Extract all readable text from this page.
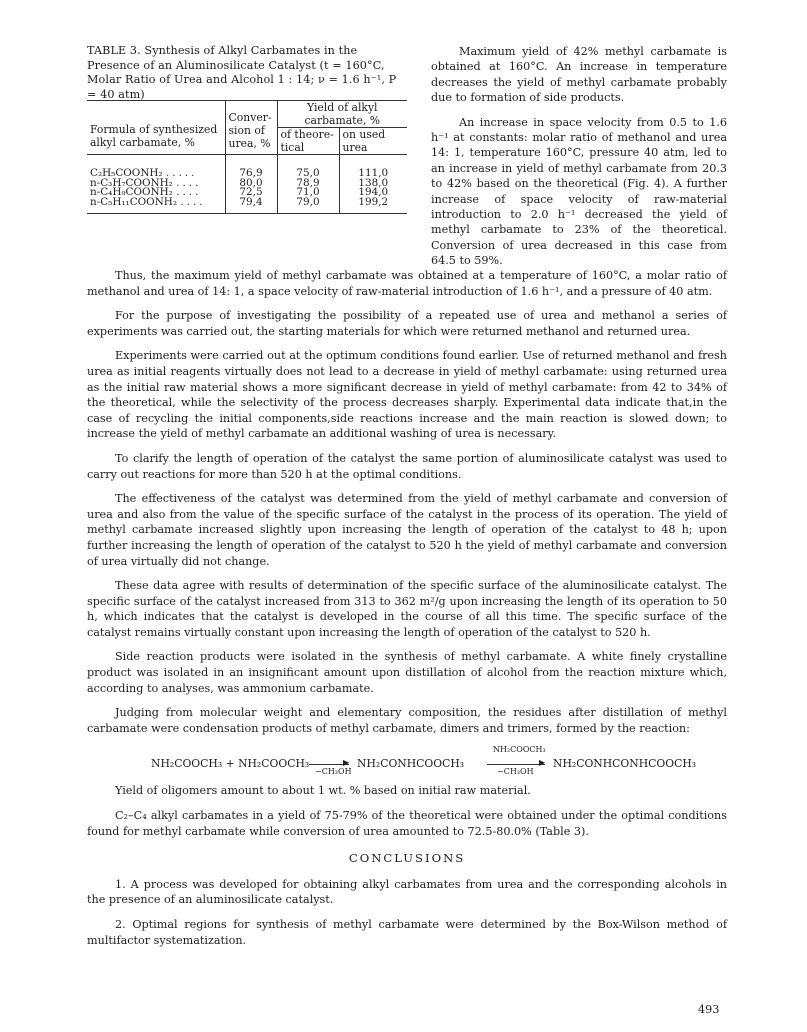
TABLE 3. Synthesis of Alkyl Carbamates in the Presence of an Aluminosilicate Catalyst (t = 160°C, Molar Ratio of Urea and Alcohol 1 : 14; ν = 1.6 h⁻¹, P = 40 atm)

Formula of synthesized alkyl carbamate, %	Conver-sion of urea, %	Yield of alkyl carbamate, %	
		of theore-tical	on used urea

C₂H₅COONH₂ .....	76,9	75,0	111,0
n-C₃H₇COONH₂ ....	80,0	78,9	138,0
n-C₄H₉COONH₂ ....	72,5	71,0	194,0
n-C₅H₁₁COONH₂ ....	79,4	79,0	199,2

Maximum yield of 42% methyl carbamate is obtained at 160°C. An increase in temperature decreases the yield of methyl carbamate probably due to formation of side products.

An increase in space velocity from 0.5 to 1.6 h⁻¹ at constants: molar ratio of methanol and urea 14: 1, temperature 160°C, pressure 40 atm, led to an increase in yield of methyl carbamate from 20.3 to 42% based on the theoretical (Fig. 4). A further increase of space velocity of raw-material introduction to 2.0 h⁻¹ decreased the yield of methyl carbamate to 23% of the theoretical. Conversion of urea decreased in this case from 64.5 to 59%.

Thus, the maximum yield of methyl carbamate was obtained at a temperature of 160°C, a molar ratio of methanol and urea of 14: 1, a space velocity of raw-material introduction of 1.6 h⁻¹, and a pressure of 40 atm.

For the purpose of investigating the possibility of a repeated use of urea and methanol a series of experiments was carried out, the starting materials for which were returned methanol and returned urea.

Experiments were carried out at the optimum conditions found earlier. Use of returned methanol and fresh urea as initial reagents virtually does not lead to a decrease in yield of methyl carbamate: using returned urea as the initial raw material shows a more significant decrease in yield of methyl carbamate: from 42 to 34% of the theoretical, while the selectivity of the process decreases sharply. Experimental data indicate that,in the case of recycling the initial components,side reactions increase and the main reaction is slowed down; to increase the yield of methyl carbamate an additional washing of urea is necessary.

To clarify the length of operation of the catalyst the same portion of aluminosilicate catalyst was used to carry out reactions for more than 520 h at the optimal conditions.

The effectiveness of the catalyst was determined from the yield of methyl carbamate and conversion of urea and also from the value of the specific surface of the catalyst in the process of its operation. The yield of methyl carbamate increased slightly upon increasing the length of operation of the catalyst to 48 h; upon further increasing the length of operation of the catalyst to 520 h the yield of methyl carbamate and conversion of urea virtually did not change.

These data agree with results of determination of the specific surface of the aluminosilicate catalyst. The specific surface of the catalyst increased from 313 to 362 m²/g upon increasing the length of its operation to 50 h, which indicates that the catalyst is developed in the course of all this time. The specific surface of the catalyst remains virtually constant upon increasing the length of operation of the catalyst to 520 h.

Side reaction products were isolated in the synthesis of methyl carbamate. A white finely crystalline product was isolated in an insignificant amount upon distillation of alcohol from the reaction mixture which, according to analyses, was ammonium carbamate.

Judging from molecular weight and elementary composition, the residues after distillation of methyl carbamate were condensation products of methyl carbamate, dimers and trimers, formed by the reaction:

NH₂COOCH₃ + NH₂COOCH₃	▶
−CH₃OH
NH₂CONHCOOCH₃
NH₂COOCH₃
▶
−CH₃OH
NH₂CONHCONHCOOCH₃

Yield of oligomers amount to about 1 wt. % based on initial raw material.

C₂–C₄ alkyl carbamates in a yield of 75-79% of the theoretical were obtained under the optimal conditions found for methyl carbamate while conversion of urea amounted to 72.5-80.0% (Table 3).

CONCLUSIONS

1. A process was developed for obtaining alkyl carbamates from urea and the corresponding alcohols in the presence of an aluminosilicate catalyst.

2. Optimal regions for synthesis of methyl carbamate were determined by the Box-Wilson method of multifactor systematization.

493
